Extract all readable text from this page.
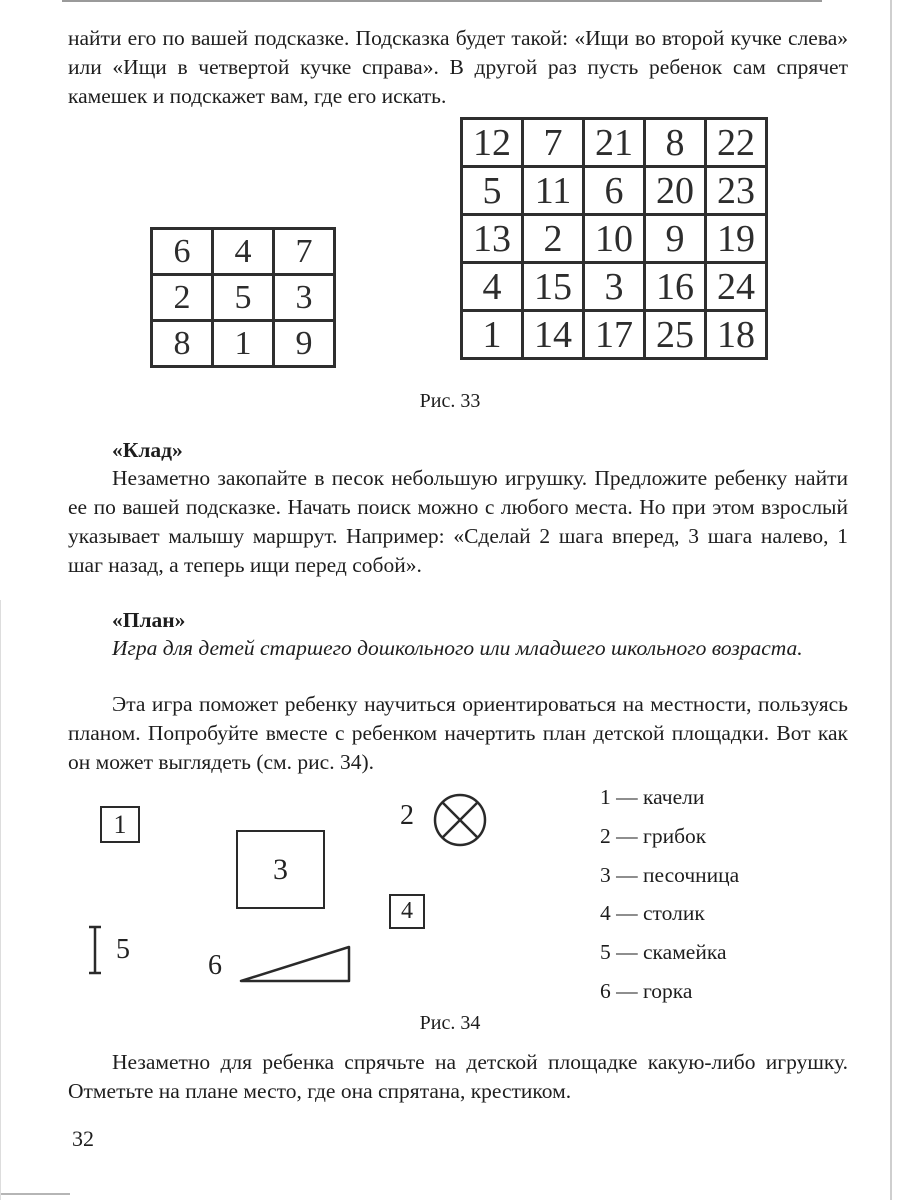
найти его по вашей подсказке. Подсказка будет такой: «Ищи во второй кучке слева» или «Ищи в четвертой кучке справа». В другой раз пусть ребенок сам спрячет камешек и подскажет вам, где его искать.

6	4	7
2	5	3
8	1	9
12	7	21	8	22
5	11	6	20	23
13	2	10	9	19
4	15	3	16	24
1	14	17	25	18
Рис. 33
«Клад»

Незаметно закопайте в песок небольшую игрушку. Предложите ребенку найти ее по вашей подсказке. Начать поиск можно с любого места. Но при этом взрослый указывает малышу маршрут. Например: «Сделай 2 шага вперед, 3 шага налево, 1 шаг назад, а теперь ищи перед собой».

«План»

Игра для детей старшего дошкольного или младшего школьного возраста.

Эта игра поможет ребенку научиться ориентироваться на местности, пользуясь планом. Попробуйте вместе с ребенком начертить план детской площадки. Вот как он может выглядеть (см. рис. 34).

1	2
3
4
5
6
1 — качели
2 — грибок
3 — песочница
4 — столик
5 — скамейка
6 — горка
Рис. 34

Незаметно для ребенка спрячьте на детской площадке какую-либо игрушку. Отметьте на плане место, где она спрятана, крестиком.

32
